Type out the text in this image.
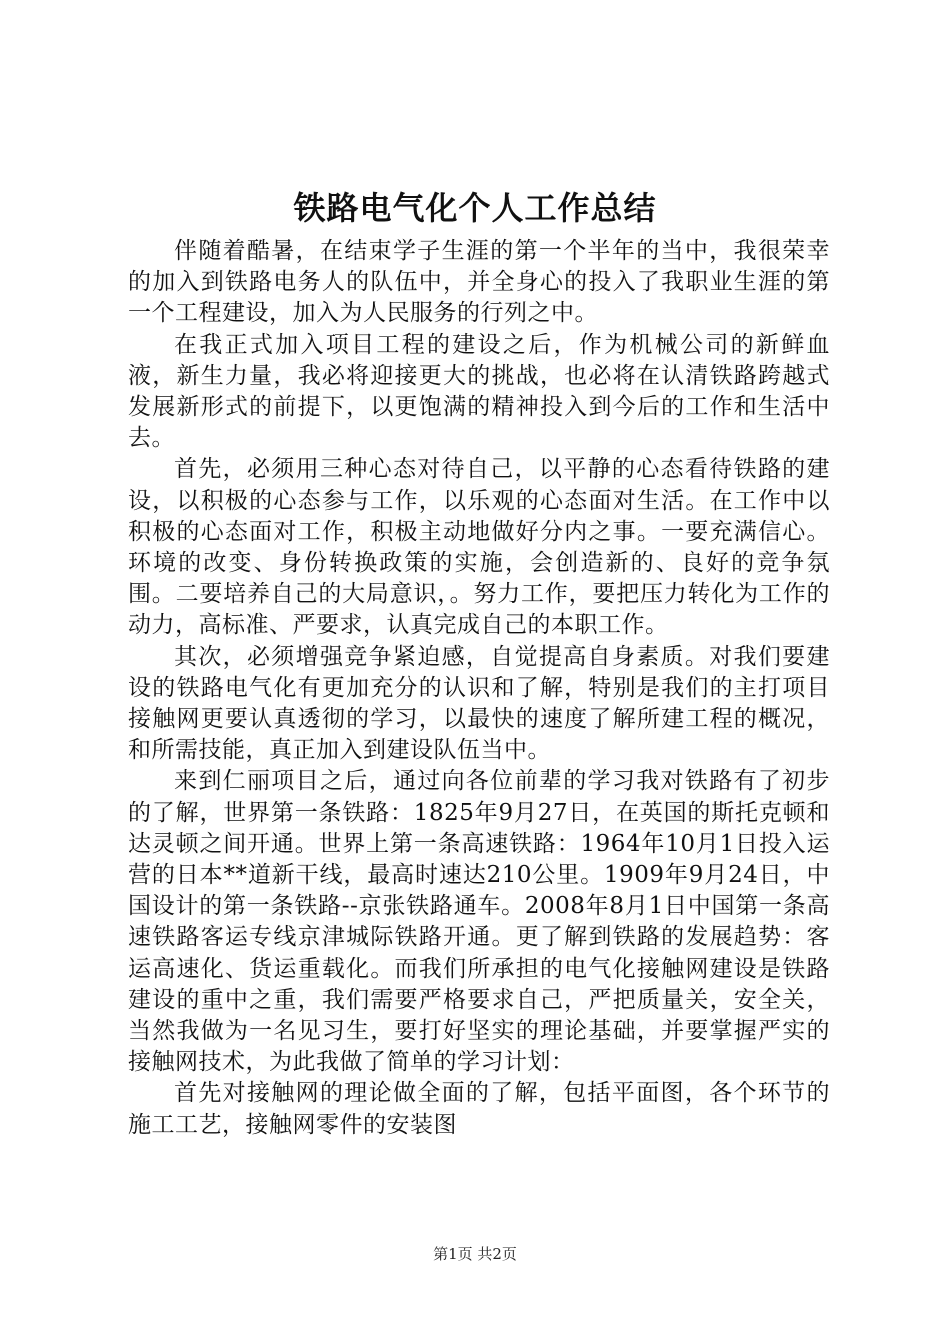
铁路电气化个人工作总结

伴随着酷暑，在结束学子生涯的第一个半年的当中，我很荣幸的加入到铁路电务人的队伍中，并全身心的投入了我职业生涯的第一个工程建设，加入为人民服务的行列之中。

在我正式加入项目工程的建设之后，作为机械公司的新鲜血液，新生力量，我必将迎接更大的挑战，也必将在认清铁路跨越式发展新形式的前提下，以更饱满的精神投入到今后的工作和生活中去。

首先，必须用三种心态对待自己，以平静的心态看待铁路的建设，以积极的心态参与工作，以乐观的心态面对生活。在工作中以积极的心态面对工作，积极主动地做好分内之事。一要充满信心。环境的改变、身份转换政策的实施，会创造新的、良好的竞争氛围。二要培养自己的大局意识，。努力工作，要把压力转化为工作的动力，高标准、严要求，认真完成自己的本职工作。

其次，必须增强竞争紧迫感，自觉提高自身素质。对我们要建设的铁路电气化有更加充分的认识和了解，特别是我们的主打项目接触网更要认真透彻的学习，以最快的速度了解所建工程的概况，和所需技能，真正加入到建设队伍当中。

来到仁丽项目之后，通过向各位前辈的学习我对铁路有了初步的了解，世界第一条铁路：1825年9月27日，在英国的斯托克顿和达灵顿之间开通。世界上第一条高速铁路：1964年10月1日投入运营的日本**道新干线，最高时速达210公里。1909年9月24日，中国设计的第一条铁路--京张铁路通车。2008年8月1日中国第一条高速铁路客运专线京津城际铁路开通。更了解到铁路的发展趋势：客运高速化、货运重载化。而我们所承担的电气化接触网建设是铁路建设的重中之重，我们需要严格要求自己，严把质量关，安全关，当然我做为一名见习生，要打好坚实的理论基础，并要掌握严实的接触网技术，为此我做了简单的学习计划：

首先对接触网的理论做全面的了解，包括平面图，各个环节的施工工艺，接触网零件的安装图

第1页 共2页
